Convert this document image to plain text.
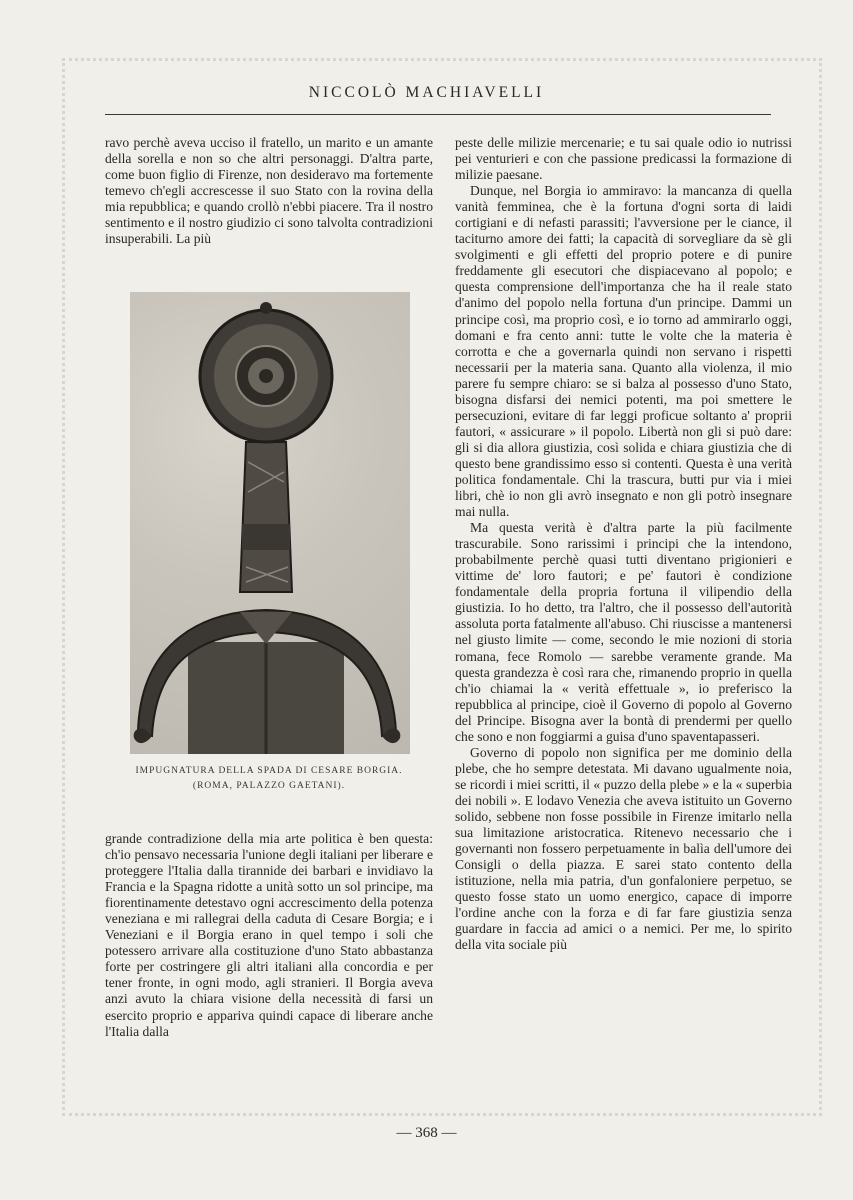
NICCOLÒ MACHIAVELLI

ravo perchè aveva ucciso il fratello, un marito e un amante della sorella e non so che altri personaggi. D'altra parte, come buon figlio di Firenze, non desideravo ma fortemente temevo ch'egli accrescesse il suo Stato con la rovina della mia repubblica; e quando crollò n'ebbi piacere. Tra il nostro sentimento e il nostro giudizio ci sono talvolta contradizioni insuperabili. La più

IMPUGNATURA DELLA SPADA DI CESARE BORGIA.
(ROMA, PALAZZO GAETANI).

grande contradizione della mia arte politica è ben questa: ch'io pensavo necessaria l'unione degli italiani per liberare e proteggere l'Italia dalla tirannide dei barbari e invidiavo la Francia e la Spagna ridotte a unità sotto un sol principe, ma fiorentinamente detestavo ogni accrescimento della potenza veneziana e mi rallegrai della caduta di Cesare Borgia; e i Veneziani e il Borgia erano in quel tempo i soli che potessero arrivare alla costituzione d'uno Stato abbastanza forte per costringere gli altri italiani alla concordia e per tener fronte, in ogni modo, agli stranieri. Il Borgia aveva anzi avuto la chiara visione della necessità di farsi un esercito proprio e appariva quindi capace di liberare anche l'Italia dalla

peste delle milizie mercenarie; e tu sai quale odio io nutrissi pei venturieri e con che passione predicassi la formazione di milizie paesane.

Dunque, nel Borgia io ammiravo: la mancanza di quella vanità femminea, che è la fortuna d'ogni sorta di laidi cortigiani e di nefasti parassiti; l'avversione per le ciance, il taciturno amore dei fatti; la capacità di sorvegliare da sè gli svolgimenti e gli effetti del proprio potere e di punire freddamente gli esecutori che dispiacevano al popolo; e questa comprensione dell'importanza che ha il reale stato d'animo del popolo nella fortuna d'un principe. Dammi un principe così, ma proprio così, e io torno ad ammirarlo oggi, domani e fra cento anni: tutte le volte che la materia è corrotta e che a governarla quindi non servano i rispetti necessarii per la materia sana. Quanto alla violenza, il mio parere fu sempre chiaro: se si balza al possesso d'uno Stato, bisogna disfarsi dei nemici potenti, ma poi smettere le persecuzioni, evitare di far leggi proficue soltanto a' proprii fautori, « assicurare » il popolo. Libertà non gli si può dare: gli si dia allora giustizia, così solida e chiara giustizia che di questo bene grandissimo esso si contenti. Questa è una verità politica fondamentale. Chi la trascura, butti pur via i miei libri, chè io non gli avrò insegnato e non gli potrò insegnare mai nulla.

Ma questa verità è d'altra parte la più facilmente trascurabile. Sono rarissimi i principi che la intendono, probabilmente perchè quasi tutti diventano prigionieri e vittime de' loro fautori; e pe' fautori è condizione fondamentale della propria fortuna il vilipendio della giustizia. Io ho detto, tra l'altro, che il possesso dell'autorità assoluta porta fatalmente all'abuso. Chi riuscisse a mantenersi nel giusto limite — come, secondo le mie nozioni di storia romana, fece Romolo — sarebbe veramente grande. Ma questa grandezza è così rara che, rimanendo proprio in quella ch'io chiamai la « verità effettuale », io preferisco la repubblica al principe, cioè il Governo di popolo al Governo del Principe. Bisogna aver la bontà di prendermi per quello che sono e non foggiarmi a guisa d'uno spaventapasseri.

Governo di popolo non significa per me dominio della plebe, che ho sempre detestata. Mi davano ugualmente noia, se ricordi i miei scritti, il « puzzo della plebe » e la « superbia dei nobili ». E lodavo Venezia che aveva istituito un Governo solido, sebbene non fosse possibile in Firenze imitarlo nella sua limitazione aristocratica. Ritenevo necessario che i governanti non fossero perpetuamente in balìa dell'umore dei Consigli o della piazza. E sarei stato contento della istituzione, nella mia patria, d'un gonfaloniere perpetuo, se questo fosse stato un uomo energico, capace di imporre l'ordine anche con la forza e di far fare giustizia senza guardare in faccia ad amici o a nemici. Per me, lo spirito della vita sociale più

— 368 —
